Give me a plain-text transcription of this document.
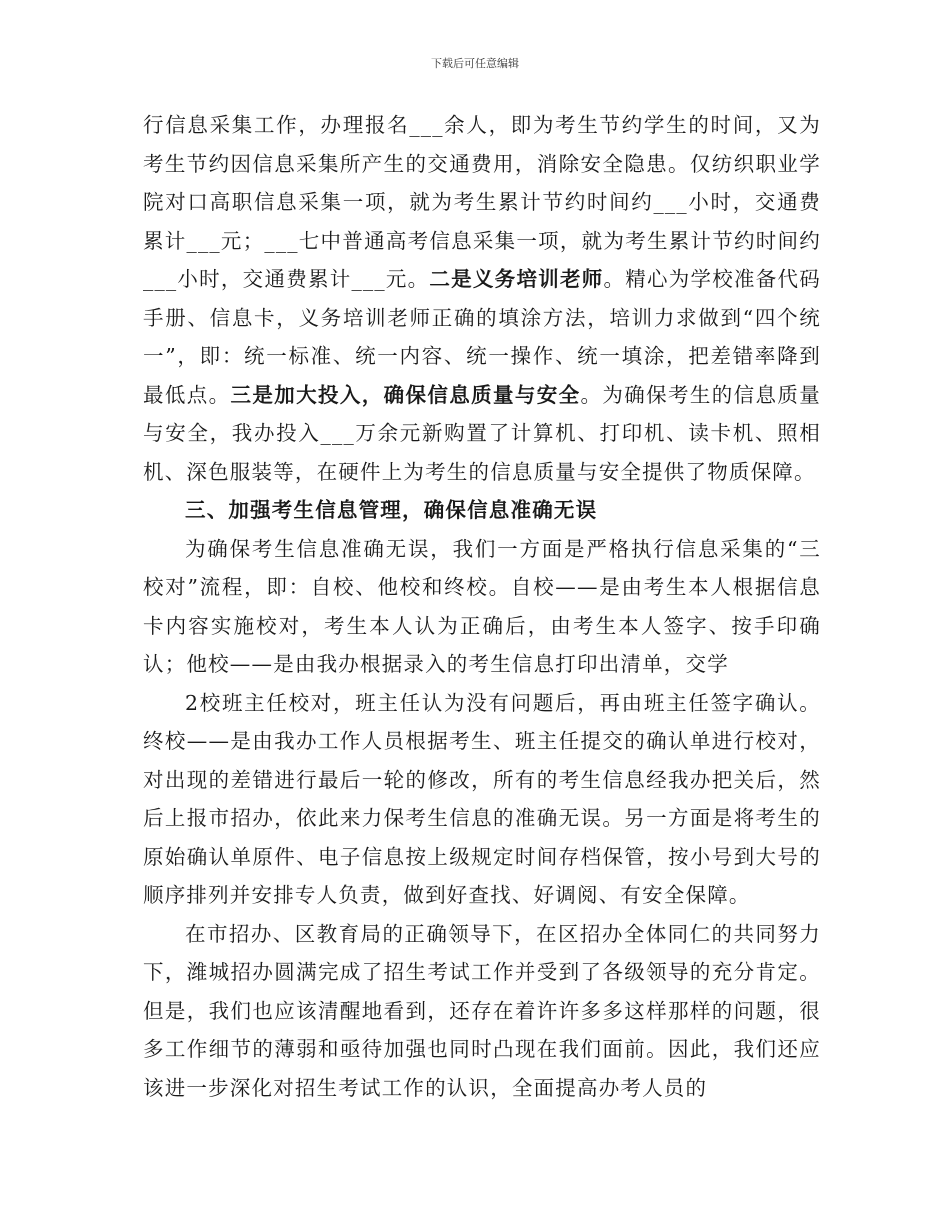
下载后可任意编辑

行信息采集工作，办理报名___余人，即为考生节约学生的时间，又为考生节约因信息采集所产生的交通费用，消除安全隐患。仅纺织职业学院对口高职信息采集一项，就为考生累计节约时间约___小时，交通费累计___元；___七中普通高考信息采集一项，就为考生累计节约时间约___小时，交通费累计___元。二是义务培训老师。精心为学校准备代码手册、信息卡，义务培训老师正确的填涂方法，培训力求做到“四个统一”，即：统一标准、统一内容、统一操作、统一填涂，把差错率降到最低点。三是加大投入，确保信息质量与安全。为确保考生的信息质量与安全，我办投入___万余元新购置了计算机、打印机、读卡机、照相机、深色服装等，在硬件上为考生的信息质量与安全提供了物质保障。

三、加强考生信息管理，确保信息准确无误

为确保考生信息准确无误，我们一方面是严格执行信息采集的“三校对”流程，即：自校、他校和终校。自校——是由考生本人根据信息卡内容实施校对，考生本人认为正确后，由考生本人签字、按手印确认；他校——是由我办根据录入的考生信息打印出清单，交学

2校班主任校对，班主任认为没有问题后，再由班主任签字确认。终校——是由我办工作人员根据考生、班主任提交的确认单进行校对，对出现的差错进行最后一轮的修改，所有的考生信息经我办把关后，然后上报市招办，依此来力保考生信息的准确无误。另一方面是将考生的原始确认单原件、电子信息按上级规定时间存档保管，按小号到大号的顺序排列并安排专人负责，做到好查找、好调阅、有安全保障。

在市招办、区教育局的正确领导下，在区招办全体同仁的共同努力下，潍城招办圆满完成了招生考试工作并受到了各级领导的充分肯定。但是，我们也应该清醒地看到，还存在着许许多多这样那样的问题，很多工作细节的薄弱和亟待加强也同时凸现在我们面前。因此，我们还应该进一步深化对招生考试工作的认识，全面提高办考人员的
